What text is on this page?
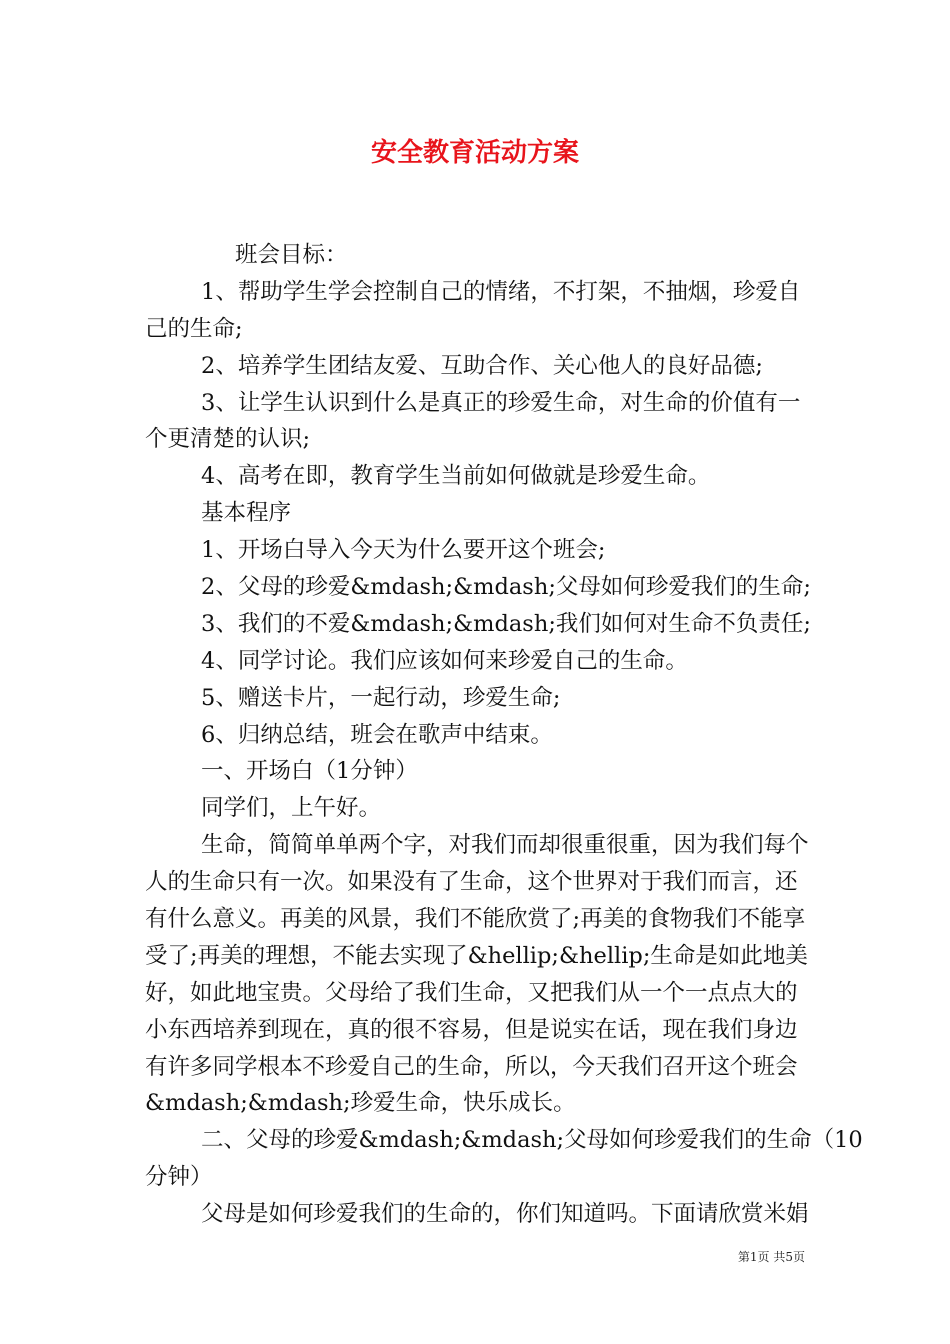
安全教育活动方案
班会目标：
1、帮助学生学会控制自己的情绪，不打架，不抽烟，珍爱自
己的生命;
2、培养学生团结友爱、互助合作、关心他人的良好品德;
3、让学生认识到什么是真正的珍爱生命，对生命的价值有一
个更清楚的认识;
4、高考在即，教育学生当前如何做就是珍爱生命。
基本程序
1、开场白导入今天为什么要开这个班会;
2、父母的珍爱&mdash;&mdash;父母如何珍爱我们的生命;
3、我们的不爱&mdash;&mdash;我们如何对生命不负责任;
4、同学讨论。我们应该如何来珍爱自己的生命。
5、赠送卡片，一起行动，珍爱生命;
6、归纳总结，班会在歌声中结束。
一、开场白（1分钟）
同学们，上午好。
生命，简简单单两个字，对我们而却很重很重，因为我们每个
人的生命只有一次。如果没有了生命，这个世界对于我们而言，还
有什么意义。再美的风景，我们不能欣赏了;再美的食物我们不能享
受了;再美的理想，不能去实现了&hellip;&hellip;生命是如此地美
好，如此地宝贵。父母给了我们生命，又把我们从一个一点点大的
小东西培养到现在，真的很不容易，但是说实在话，现在我们身边
有许多同学根本不珍爱自己的生命，所以，今天我们召开这个班会
&mdash;&mdash;珍爱生命，快乐成长。
二、父母的珍爱&mdash;&mdash;父母如何珍爱我们的生命（10
分钟）
父母是如何珍爱我们的生命的，你们知道吗。下面请欣赏米娟
第1页 共5页
